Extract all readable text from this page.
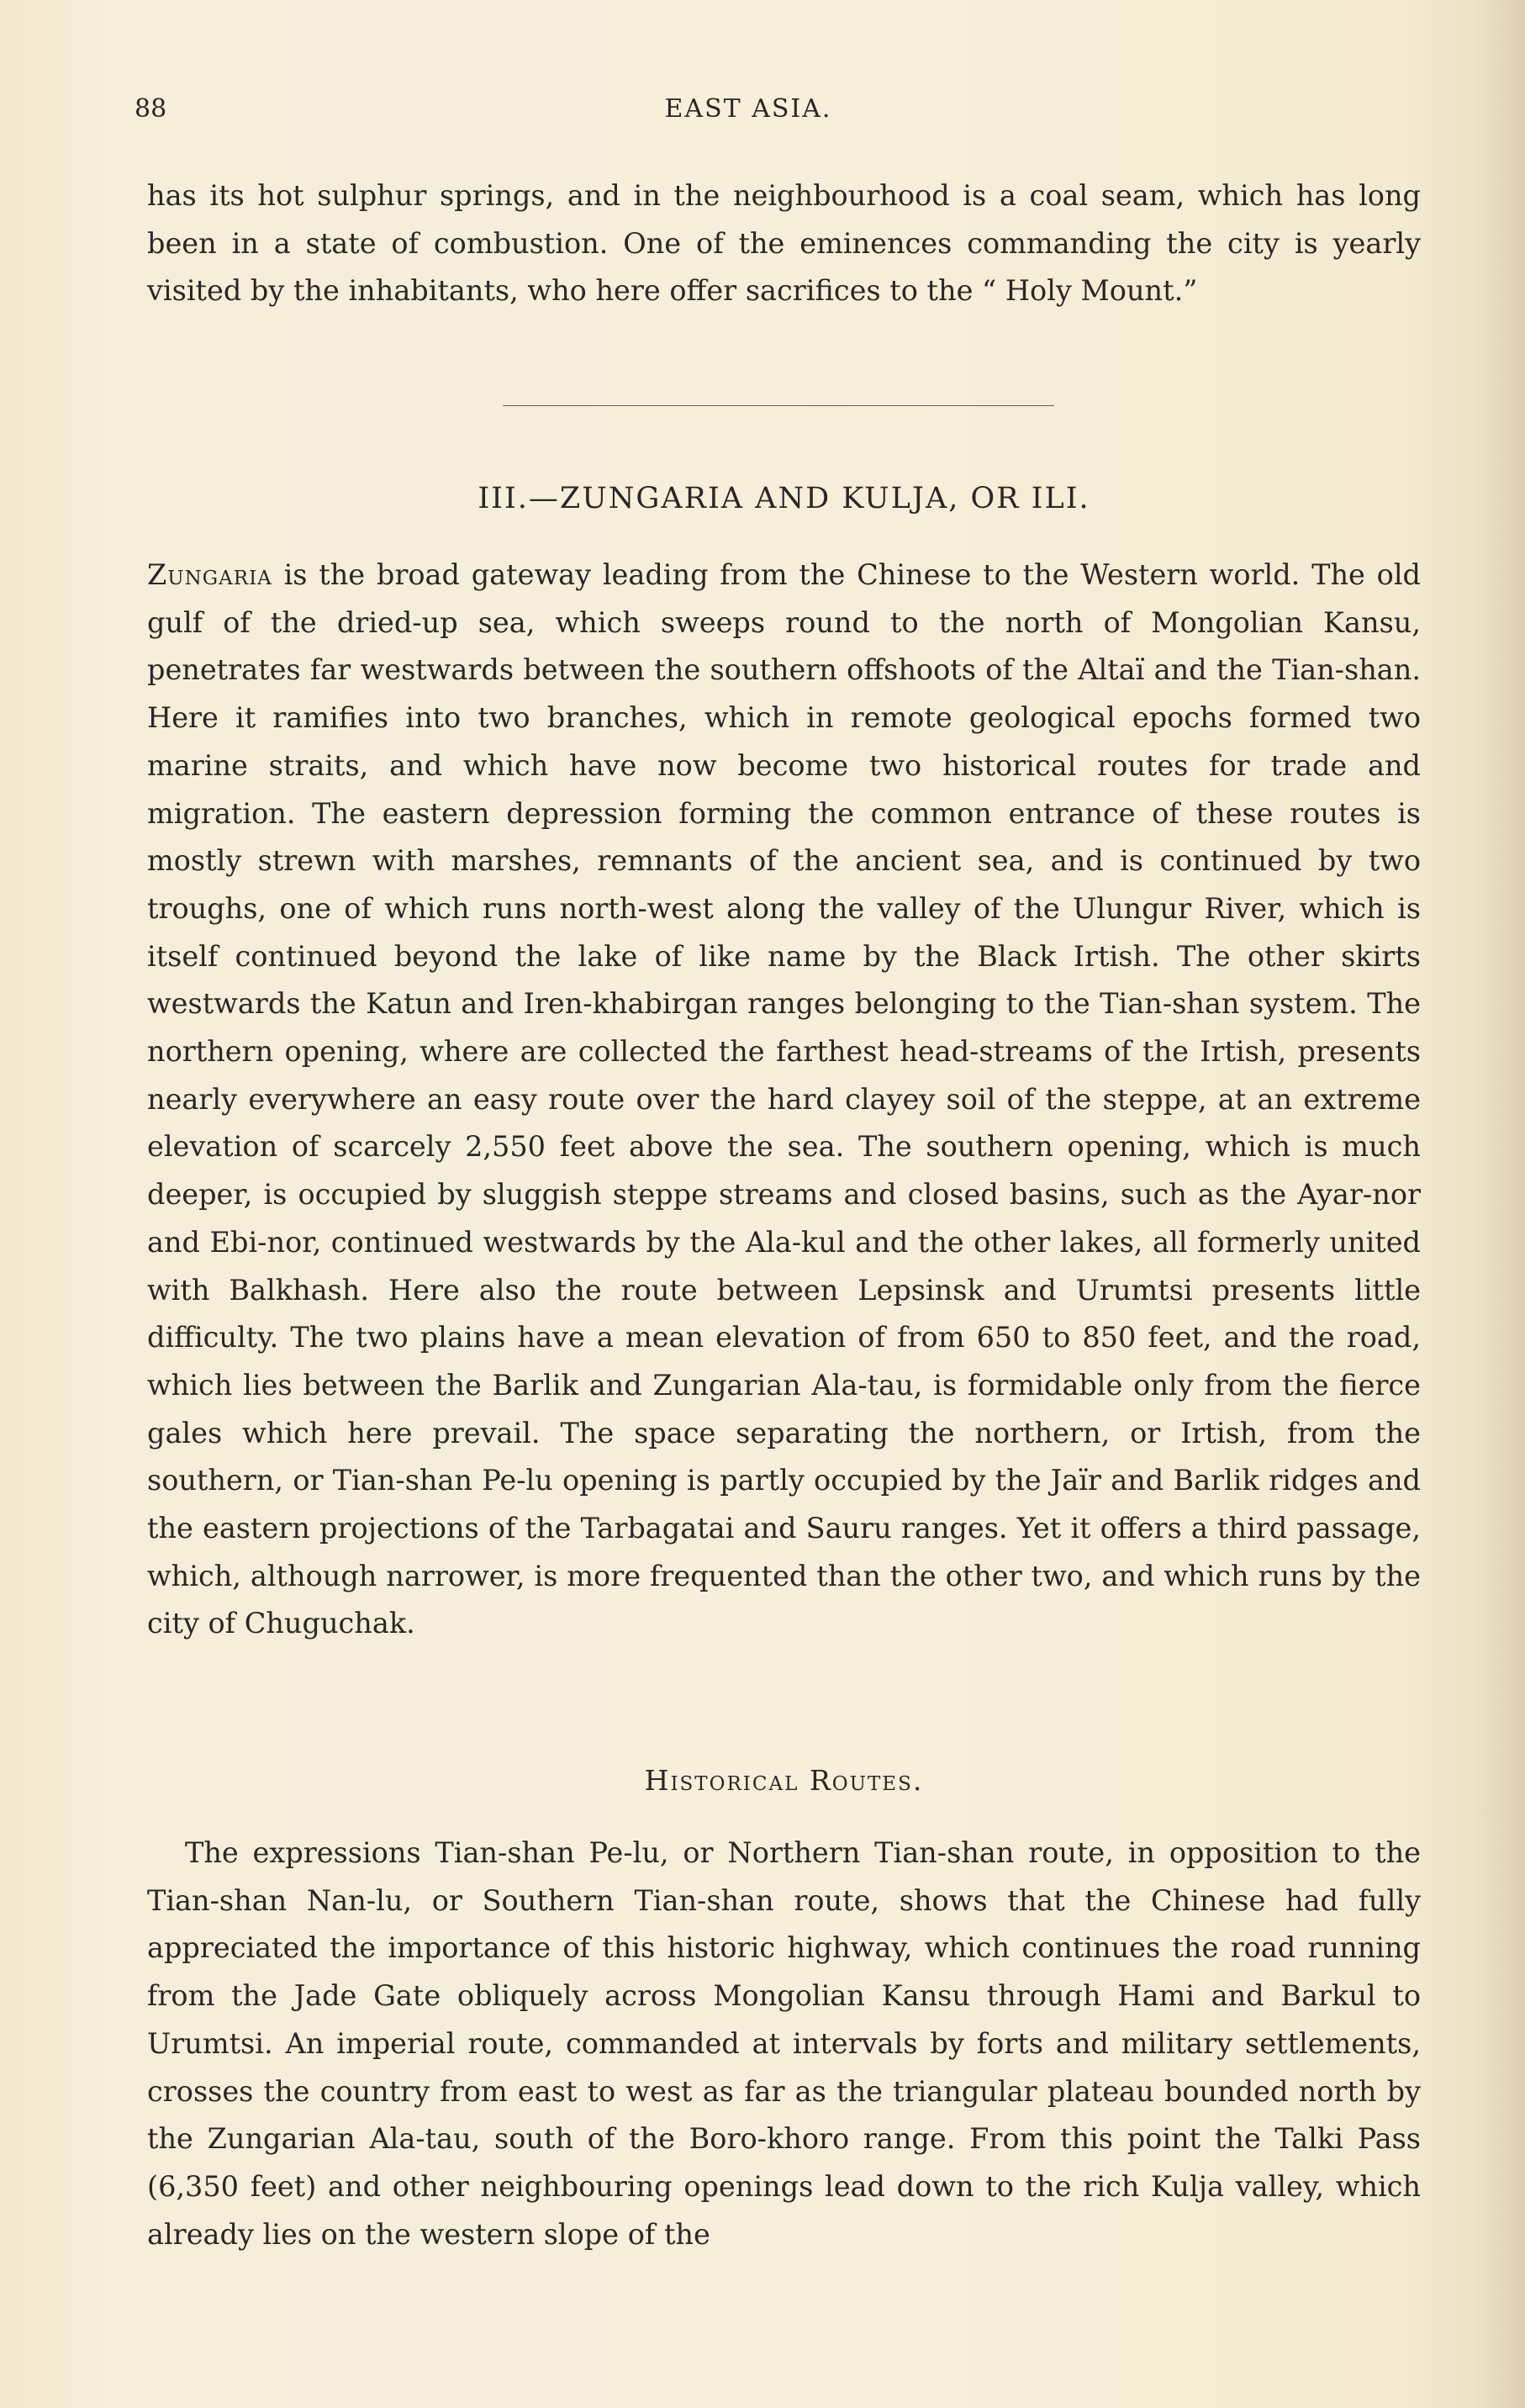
88	EAST ASIA.

has its hot sulphur springs, and in the neighbourhood is a coal seam, which has long been in a state of combustion. One of the eminences commanding the city is yearly visited by the inhabitants, who here offer sacrifices to the “ Holy Mount.”

III.—ZUNGARIA AND KULJA, OR ILI.

Zungaria is the broad gateway leading from the Chinese to the Western world. The old gulf of the dried-up sea, which sweeps round to the north of Mongolian Kansu, penetrates far westwards between the southern offshoots of the Altaï and the Tian-shan. Here it ramifies into two branches, which in remote geological epochs formed two marine straits, and which have now become two historical routes for trade and migration. The eastern depression forming the common entrance of these routes is mostly strewn with marshes, remnants of the ancient sea, and is continued by two troughs, one of which runs north-west along the valley of the Ulungur River, which is itself continued beyond the lake of like name by the Black Irtish. The other skirts westwards the Katun and Iren-khabirgan ranges belonging to the Tian-shan system. The northern opening, where are collected the farthest head-streams of the Irtish, presents nearly everywhere an easy route over the hard clayey soil of the steppe, at an extreme elevation of scarcely 2,550 feet above the sea. The southern opening, which is much deeper, is occupied by sluggish steppe streams and closed basins, such as the Ayar-nor and Ebi-nor, continued westwards by the Ala-kul and the other lakes, all formerly united with Balkhash. Here also the route between Lepsinsk and Urumtsi presents little difficulty. The two plains have a mean elevation of from 650 to 850 feet, and the road, which lies between the Barlik and Zungarian Ala-tau, is formidable only from the fierce gales which here prevail. The space separating the northern, or Irtish, from the southern, or Tian-shan Pe-lu opening is partly occupied by the Jaïr and Barlik ridges and the eastern projections of the Tarbagatai and Sauru ranges. Yet it offers a third passage, which, although narrower, is more frequented than the other two, and which runs by the city of Chuguchak.

Historical Routes.

The expressions Tian-shan Pe-lu, or Northern Tian-shan route, in opposition to the Tian-shan Nan-lu, or Southern Tian-shan route, shows that the Chinese had fully appreciated the importance of this historic highway, which continues the road running from the Jade Gate obliquely across Mongolian Kansu through Hami and Barkul to Urumtsi. An imperial route, commanded at intervals by forts and military settlements, crosses the country from east to west as far as the triangular plateau bounded north by the Zungarian Ala-tau, south of the Boro-khoro range. From this point the Talki Pass (6,350 feet) and other neighbouring openings lead down to the rich Kulja valley, which already lies on the western slope of the
